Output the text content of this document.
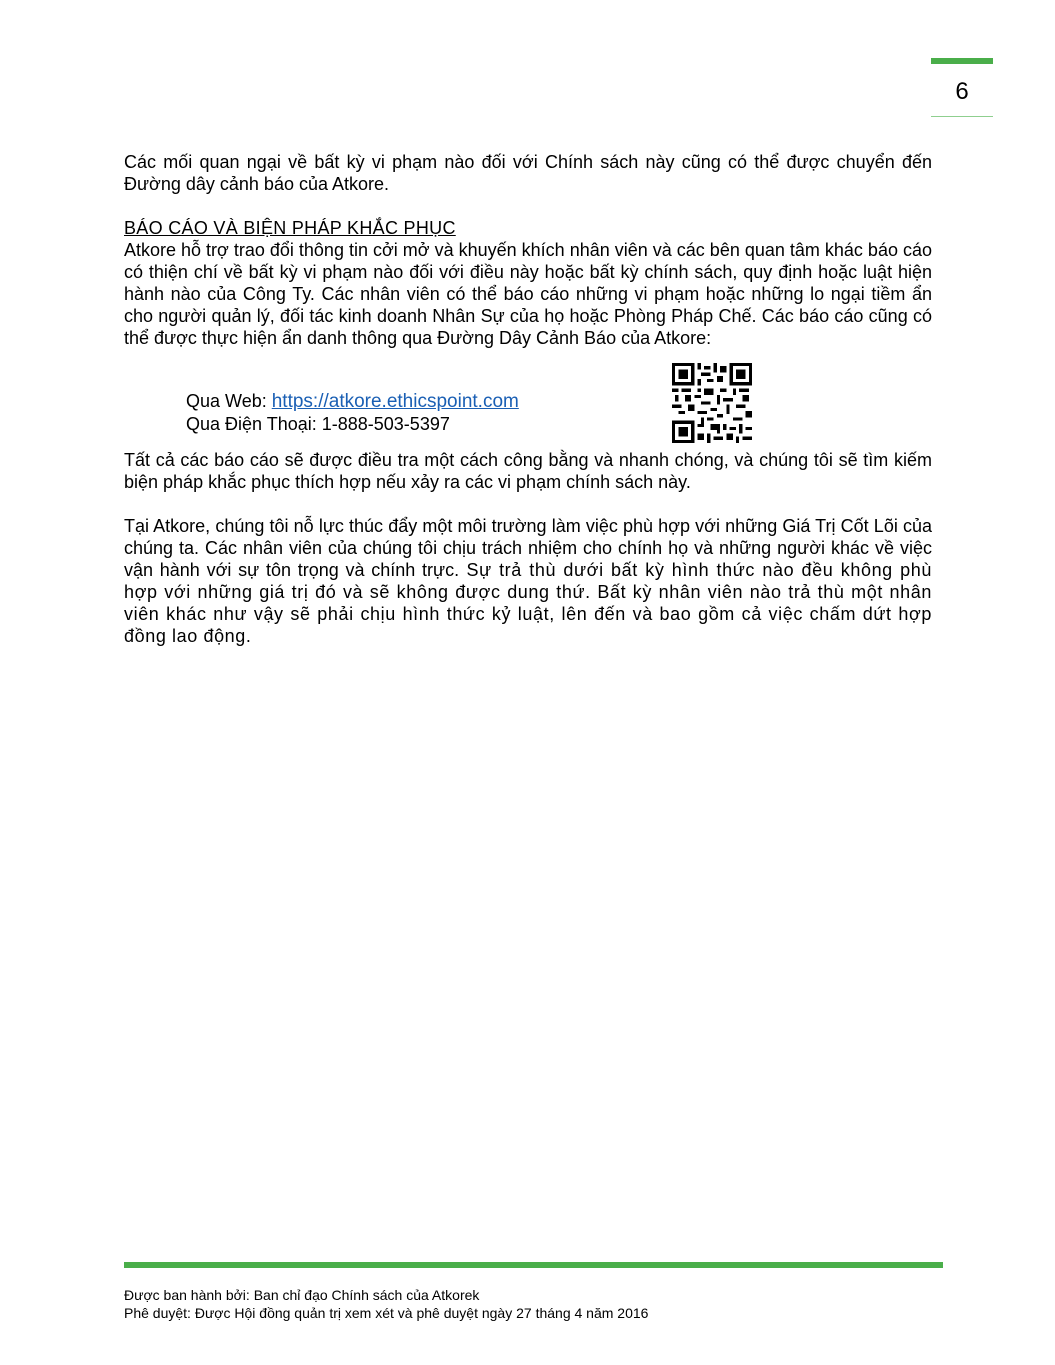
6

Các mối quan ngại về bất kỳ vi phạm nào đối với Chính sách này cũng có thể được chuyển đến Đường dây cảnh báo của Atkore.

BÁO CÁO VÀ BIỆN PHÁP KHẮC PHỤC

Atkore hỗ trợ trao đổi thông tin cởi mở và khuyến khích nhân viên và các bên quan tâm khác báo cáo có thiện chí về bất kỳ vi phạm nào đối với điều này hoặc bất kỳ chính sách, quy định hoặc luật hiện hành nào của Công Ty. Các nhân viên có thể báo cáo những vi phạm hoặc những lo ngại tiềm ẩn cho người quản lý, đối tác kinh doanh Nhân Sự của họ hoặc Phòng Pháp Chế. Các báo cáo cũng có thể được thực hiện ẩn danh thông qua Đường Dây Cảnh Báo của Atkore:

Qua Web: https://atkore.ethicspoint.com
Qua Điện Thoại: 1-888-503-5397

Tất cả các báo cáo sẽ được điều tra một cách công bằng và nhanh chóng, và chúng tôi sẽ tìm kiếm biện pháp khắc phục thích hợp nếu xảy ra các vi phạm chính sách này.

Tại Atkore, chúng tôi nỗ lực thúc đẩy một môi trường làm việc phù hợp với những Giá Trị Cốt Lõi của chúng ta. Các nhân viên của chúng tôi chịu trách nhiệm cho chính họ và những người khác về việc vận hành với sự tôn trọng và chính trực. Sự trả thù dưới bất kỳ hình thức nào đều không phù hợp với những giá trị đó và sẽ không được dung thứ. Bất kỳ nhân viên nào trả thù một nhân viên khác như vậy sẽ phải chịu hình thức kỷ luật, lên đến và bao gồm cả việc chấm dứt hợp đồng lao động.

Được ban hành bởi: Ban chỉ đạo Chính sách của Atkorek
Phê duyệt: Được Hội đồng quản trị xem xét và phê duyệt ngày 27 tháng 4 năm 2016
